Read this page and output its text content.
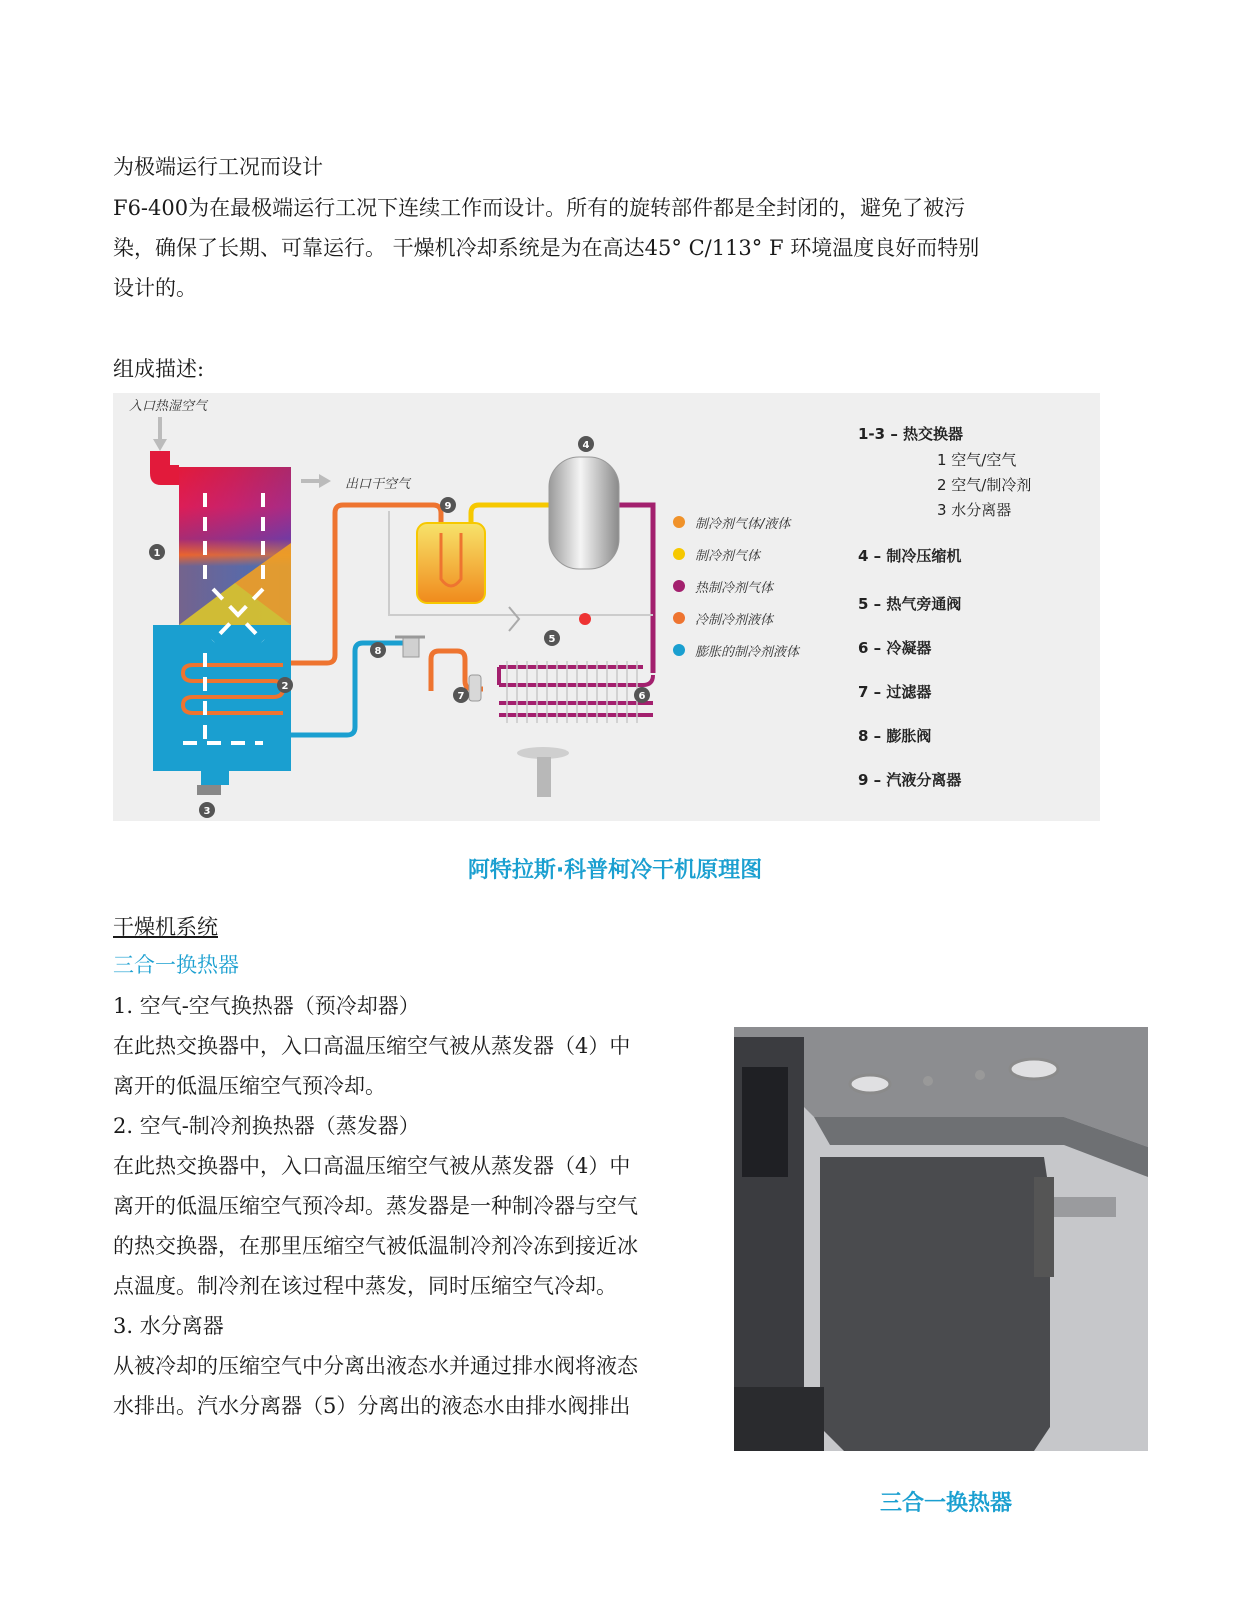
为极端运行工况而设计
F6-400为在最极端运行工况下连续工作而设计。所有的旋转部件都是全封闭的，避免了被污
染，确保了长期、可靠运行。 干燥机冷却系统是为在高达45° C/113° F 环境温度良好而特别
设计的。
组成描述:
1
2
3
4
5
6
7
8
9
入口热湿空气
出口干空气
制冷剂气体/液体
制冷剂气体
热制冷剂气体
冷制冷剂液体
膨胀的制冷剂液体
1-3 – 热交换器
1 空气/空气
2 空气/制冷剂
3 水分离器
4 – 制冷压缩机
5 – 热气旁通阀
6 – 冷凝器
7 – 过滤器
8 – 膨胀阀
9 – 汽液分离器
阿特拉斯·科普柯冷干机原理图
干燥机系统
三合一换热器
1. 空气-空气换热器（预冷却器）
在此热交换器中，入口高温压缩空气被从蒸发器（4）中
离开的低温压缩空气预冷却。
2. 空气-制冷剂换热器（蒸发器）
在此热交换器中，入口高温压缩空气被从蒸发器（4）中
离开的低温压缩空气预冷却。蒸发器是一种制冷器与空气
的热交换器，在那里压缩空气被低温制冷剂冷冻到接近冰
点温度。制冷剂在该过程中蒸发，同时压缩空气冷却。
3. 水分离器
从被冷却的压缩空气中分离出液态水并通过排水阀将液态
水排出。汽水分离器（5）分离出的液态水由排水阀排出
三合一换热器
